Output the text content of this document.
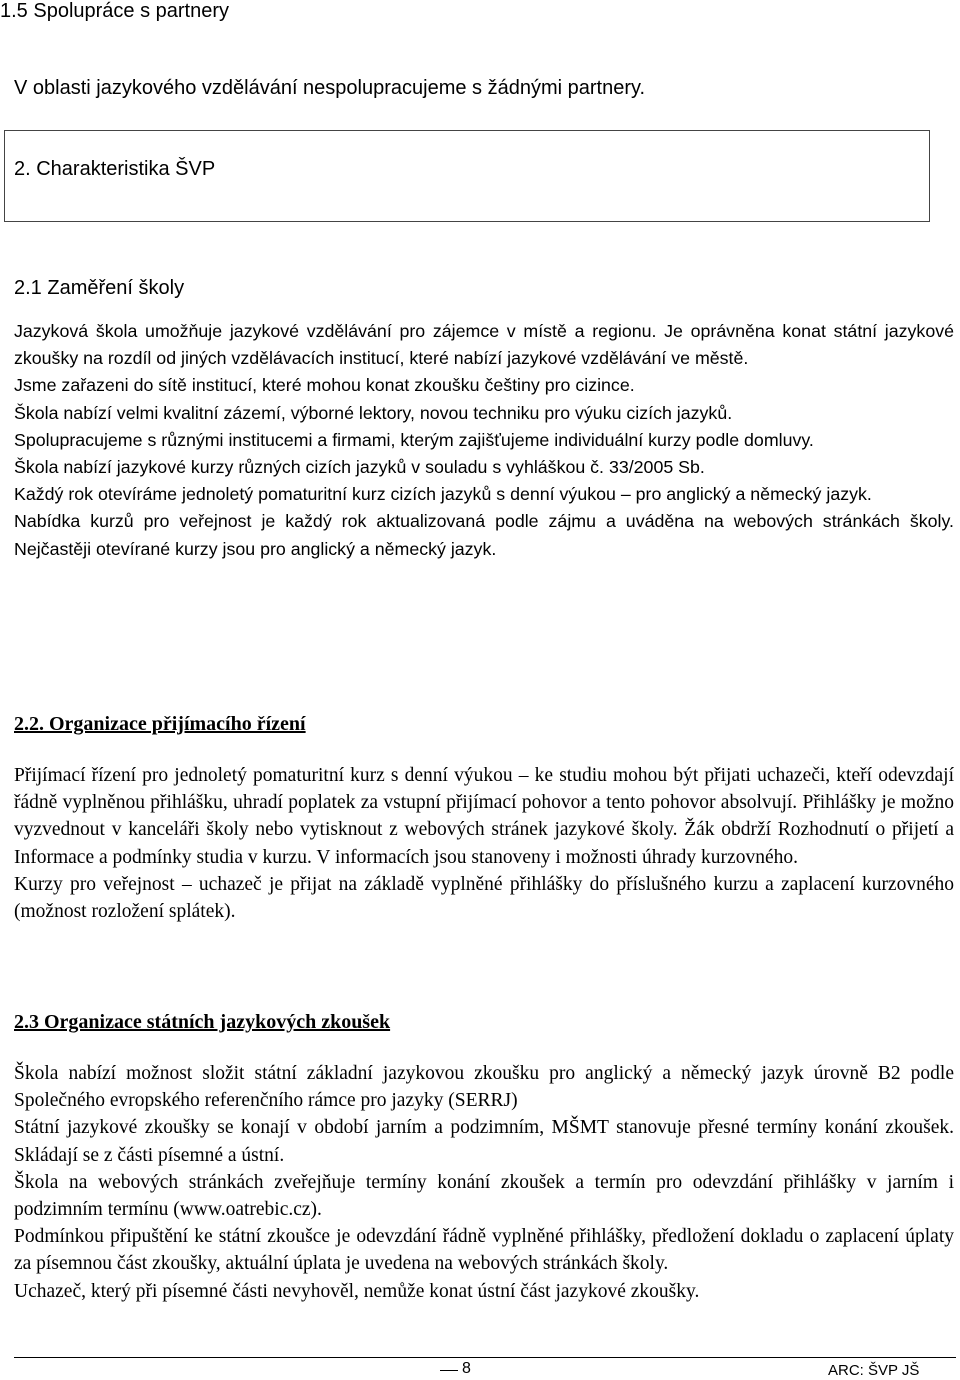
1.5 Spolupráce s partnery
V oblasti jazykového vzdělávání nespolupracujeme s žádnými partnery.
2. Charakteristika ŠVP
2.1 Zaměření školy

Jazyková škola umožňuje jazykové vzdělávání pro zájemce v místě a regionu. Je oprávněna konat státní jazykové zkoušky na rozdíl od jiných vzdělávacích institucí, které nabízí jazykové vzdělávání ve městě.

Jsme zařazeni do sítě institucí, které mohou konat zkoušku češtiny pro cizince.

Škola nabízí velmi kvalitní zázemí, výborné lektory, novou techniku pro výuku cizích jazyků.

Spolupracujeme s různými institucemi a firmami, kterým zajišťujeme individuální kurzy podle domluvy.

Škola nabízí jazykové kurzy různých cizích jazyků v souladu s vyhláškou č. 33/2005 Sb.

Každý rok otevíráme jednoletý pomaturitní kurz cizích jazyků s denní výukou – pro anglický a německý jazyk.

Nabídka kurzů pro veřejnost je každý rok aktualizovaná podle zájmu a uváděna na webových stránkách školy. Nejčastěji otevírané kurzy jsou pro anglický a německý jazyk.

2.2. Organizace přijímacího řízení

Přijímací řízení pro jednoletý pomaturitní kurz s denní výukou – ke studiu mohou být přijati uchazeči, kteří odevzdají řádně vyplněnou přihlášku, uhradí poplatek za vstupní přijímací pohovor a tento pohovor absolvují. Přihlášky je možno vyzvednout v kanceláři školy nebo vytisknout z webových stránek jazykové školy. Žák obdrží Rozhodnutí o přijetí a Informace a podmínky studia v kurzu. V informacích jsou stanoveny i možnosti úhrady kurzovného.

Kurzy pro veřejnost – uchazeč je přijat na základě vyplněné přihlášky do příslušného kurzu a zaplacení kurzovného (možnost rozložení splátek).

2.3 Organizace státních jazykových zkoušek

Škola nabízí možnost složit státní základní jazykovou zkoušku pro anglický a německý jazyk úrovně B2 podle Společného evropského referenčního rámce pro jazyky (SERRJ)

Státní jazykové zkoušky se konají v období jarním a podzimním, MŠMT stanovuje přesné termíny konání zkoušek. Skládají se z části písemné a ústní.

Škola na webových stránkách zveřejňuje termíny konání zkoušek a termín pro odevzdání přihlášky v jarním i podzimním termínu (www.oatrebic.cz).

Podmínkou připuštění ke státní zkoušce je odevzdání řádně vyplněné přihlášky, předložení dokladu o zaplacení úplaty za písemnou část zkoušky, aktuální úplata je uvedena na webových stránkách školy.

Uchazeč, který při písemné části nevyhověl, nemůže konat ústní část jazykové zkoušky.

8	ARC: ŠVP JŠ
